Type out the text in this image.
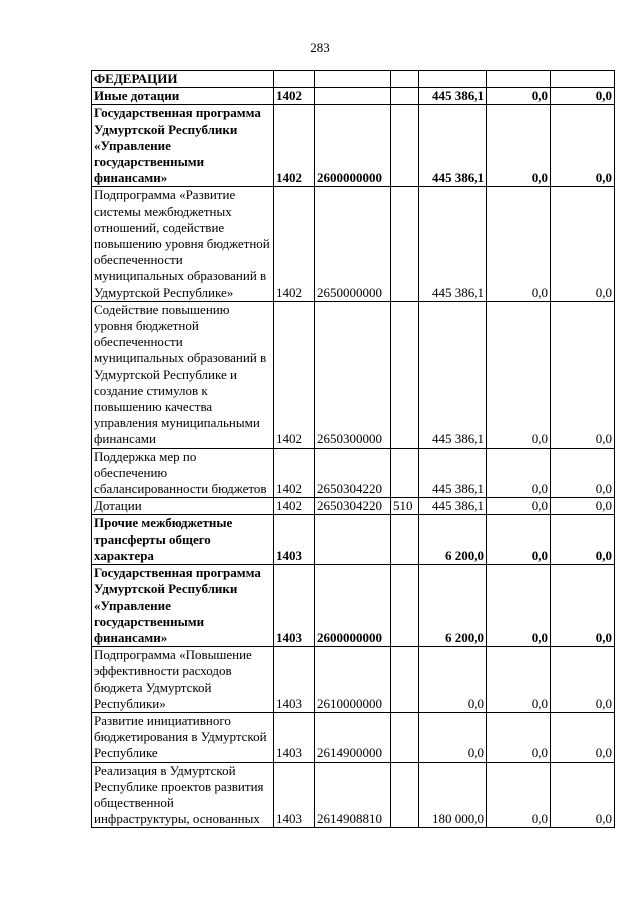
283
ФЕДЕРАЦИИ						
Иные дотации	1402			445 386,1	0,0	0,0
Государственная программа Удмуртской Республики «Управление государственными финансами»	1402	2600000000		445 386,1	0,0	0,0
Подпрограмма «Развитие системы межбюджетных отношений, содействие повышению уровня бюджетной обеспеченности муниципальных образований в Удмуртской Республике»	1402	2650000000		445 386,1	0,0	0,0
Содействие повышению уровня бюджетной обеспеченности муниципальных образований в Удмуртской Республике и создание стимулов к повышению качества управления муниципальными финансами	1402	2650300000		445 386,1	0,0	0,0
Поддержка мер по обеспечению сбалансированности бюджетов	1402	2650304220		445 386,1	0,0	0,0
Дотации	1402	2650304220	510	445 386,1	0,0	0,0
Прочие межбюджетные трансферты общего характера	1403			6 200,0	0,0	0,0
Государственная программа Удмуртской Республики «Управление государственными финансами»	1403	2600000000		6 200,0	0,0	0,0
Подпрограмма «Повышение эффективности расходов бюджета Удмуртской Республики»	1403	2610000000		0,0	0,0	0,0
Развитие инициативного бюджетирования в Удмуртской Республике	1403	2614900000		0,0	0,0	0,0
Реализация в Удмуртской Республике проектов развития общественной инфраструктуры, основанных	1403	2614908810		180 000,0	0,0	0,0
